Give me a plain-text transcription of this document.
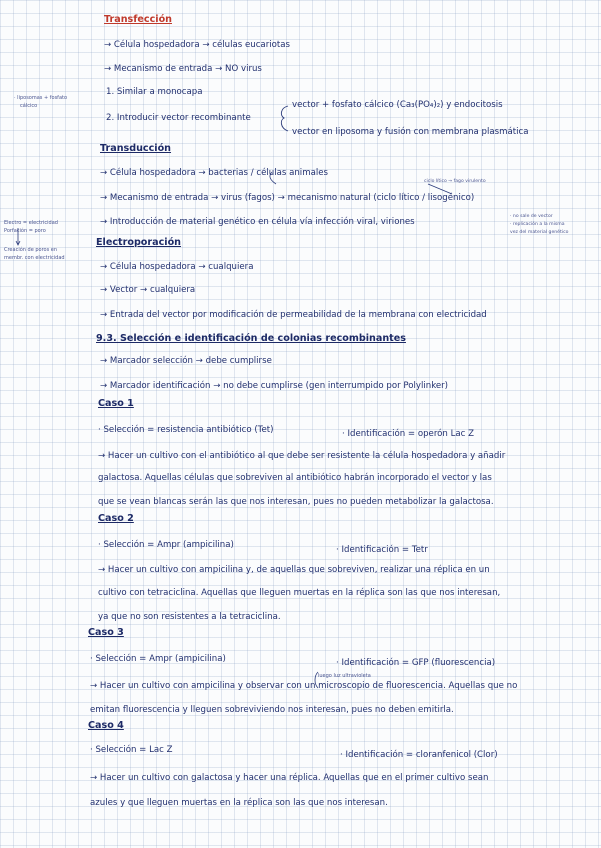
Transfección
→ Célula hospedadora → células eucariotas
→ Mecanismo de entrada → NO virus
1. Similar a monocapa
2. Introducir vector recombinante
vector + fosfato cálcico (Ca₃(PO₄)₂) y endocitosis
vector en liposoma y fusión con membrana plasmática
Transducción
→ Célula hospedadora → bacterias / células animales
→ Mecanismo de entrada → virus (fagos) → mecanismo natural (ciclo lítico / lisogénico)
→ Introducción de material genético en célula vía infección viral, viriones
Electroporación
→ Célula hospedadora → cualquiera
→ Vector → cualquiera
→ Entrada del vector por modificación de permeabilidad de la membrana con electricidad
9.3. Selección e identificación de colonias recombinantes
→ Marcador selección → debe cumplirse
→ Marcador identificación → no debe cumplirse (gen interrumpido por Polylinker)
Caso 1
· Selección = resistencia antibiótico (Tet)	· Identificación = operón Lac Z
→ Hacer un cultivo con el antibiótico al que debe ser resistente la célula hospedadora y añadir
galactosa. Aquellas células que sobreviven al antibiótico habrán incorporado el vector y las
que se vean blancas serán las que nos interesan, pues no pueden metabolizar la galactosa.
Caso 2
· Selección = Ampr (ampicilina)	· Identificación = Tetr
→ Hacer un cultivo con ampicilina y, de aquellas que sobreviven, realizar una réplica en un
cultivo con tetraciclina. Aquellas que lleguen muertas en la réplica son las que nos interesan,
ya que no son resistentes a la tetraciclina.
Caso 3
· Selección = Ampr (ampicilina)	· Identificación = GFP (fluorescencia)
luego luz ultravioleta
→ Hacer un cultivo con ampicilina y observar con un microscopio de fluorescencia. Aquellas que no
emitan fluorescencia y lleguen sobreviviendo nos interesan, pues no deben emitirla.
Caso 4
· Selección = Lac Z	· Identificación = cloranfenicol (Clor)
→ Hacer un cultivo con galactosa y hacer una réplica. Aquellas que en el primer cultivo sean
azules y que lleguen muertas en la réplica son las que nos interesan.
· liposomas + fosfato
cálcico
Electro = electricidad
Porfación = poro
Creación de poros en
membr. con electricidad
ciclo lítico → fago virulento
· no sale de vector
· replicación a la misma
vez del material genético
